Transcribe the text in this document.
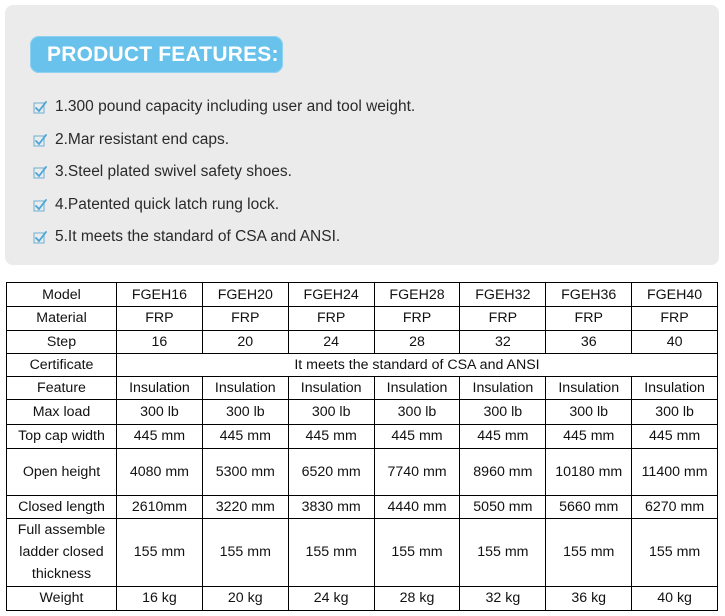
PRODUCT FEATURES:
1.300 pound capacity including user and tool weight.
2.Mar resistant end caps.
3.Steel plated swivel safety shoes.
4.Patented quick latch rung lock.
5.It meets the standard of CSA and ANSI.
Model	FGEH16	FGEH20	FGEH24	FGEH28	FGEH32	FGEH36	FGEH40
Material	FRP	FRP	FRP	FRP	FRP	FRP	FRP
Step	16	20	24	28	32	36	40
Certificate	It meets the standard of CSA and ANSI						
Feature	Insulation	Insulation	Insulation	Insulation	Insulation	Insulation	Insulation
Max load	300 lb	300 lb	300 lb	300 lb	300 lb	300 lb	300 lb
Top cap width	445 mm	445 mm	445 mm	445 mm	445 mm	445 mm	445 mm
Open height	4080 mm	5300 mm	6520 mm	7740 mm	8960 mm	10180 mm	11400 mm
Closed length	2610mm	3220 mm	3830 mm	4440 mm	5050 mm	5660 mm	6270 mm
Full assemble ladder closed thickness	155 mm	155 mm	155 mm	155 mm	155 mm	155 mm	155 mm
Weight	16 kg	20 kg	24 kg	28 kg	32 kg	36 kg	40 kg
